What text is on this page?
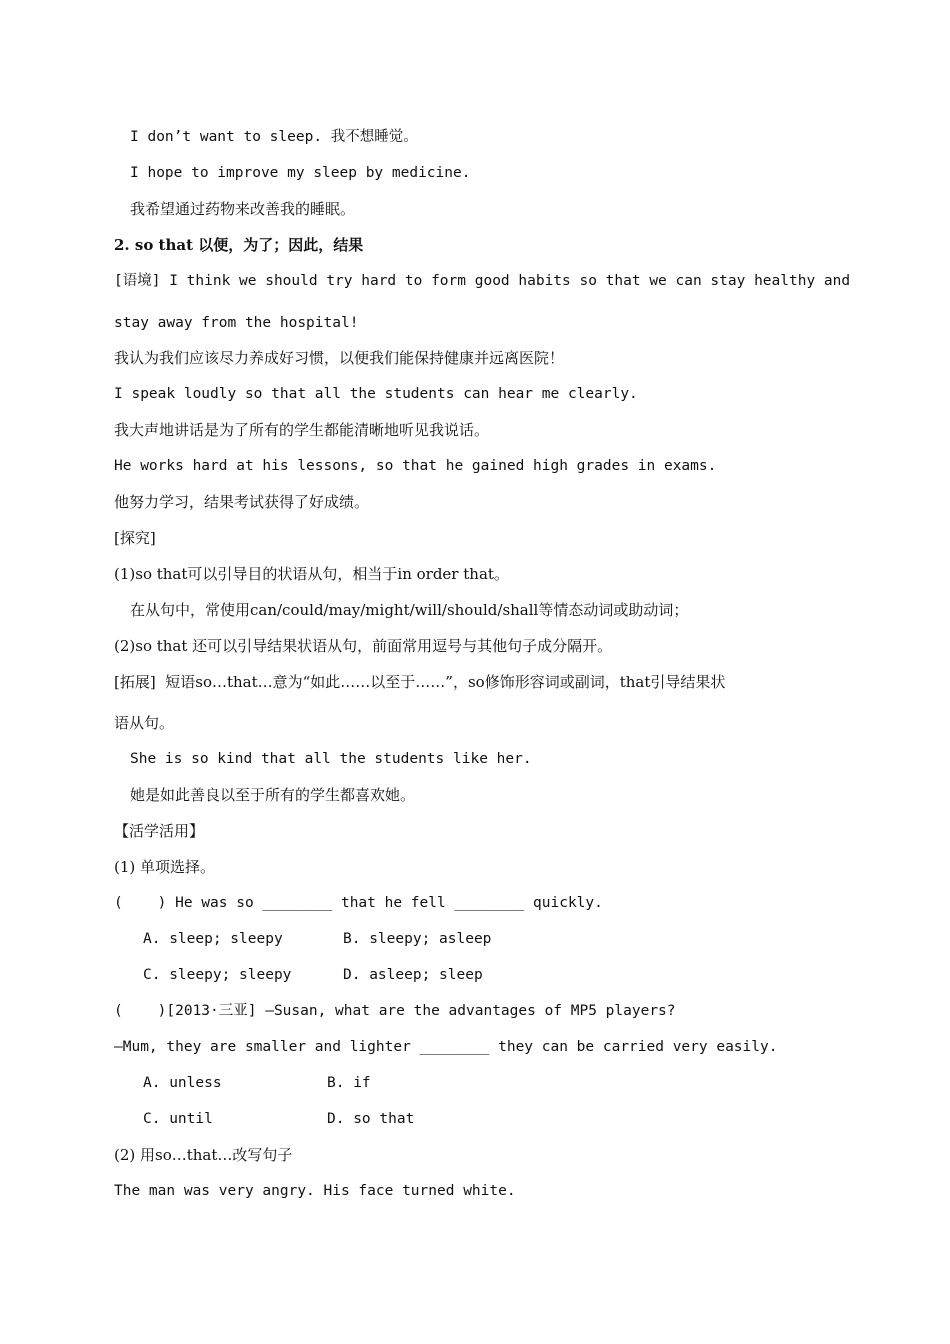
I don’t want to sleep. 我不想睡觉。
I hope to improve my sleep by medicine.
我希望通过药物来改善我的睡眠。
2. so that 以便，为了；因此，结果
[语境] I think we should try hard to form good habits so that we can stay healthy and
stay away from the hospital!
我认为我们应该尽力养成好习惯，以便我们能保持健康并远离医院！
I speak loudly so that all the students can hear me clearly.
我大声地讲话是为了所有的学生都能清晰地听见我说话。
He works hard at his lessons, so that he gained high grades in exams.
他努力学习，结果考试获得了好成绩。
[探究]
(1)so that可以引导目的状语从句，相当于in order that。
在从句中，常使用can/could/may/might/will/should/shall等情态动词或助动词；
(2)so that 还可以引导结果状语从句，前面常用逗号与其他句子成分隔开。
[拓展]  短语so…that…意为“如此……以至于……”，so修饰形容词或副词，that引导结果状
语从句。
She is so kind that all the students like her.
她是如此善良以至于所有的学生都喜欢她。
【活学活用】
(1) 单项选择。
(    ) He was so ________ that he fell ________ quickly.
A. sleep; sleepy	B. sleepy; asleep
C. sleepy; sleepy	D. asleep; sleep
(    )[2013·三亚] —Susan, what are the advantages of MP5 players?
—Mum, they are smaller and lighter ________ they can be carried very easily.
A. unless	B. if
C. until	D. so that
(2) 用so…that…改写句子
The man was very angry. His face turned white.
